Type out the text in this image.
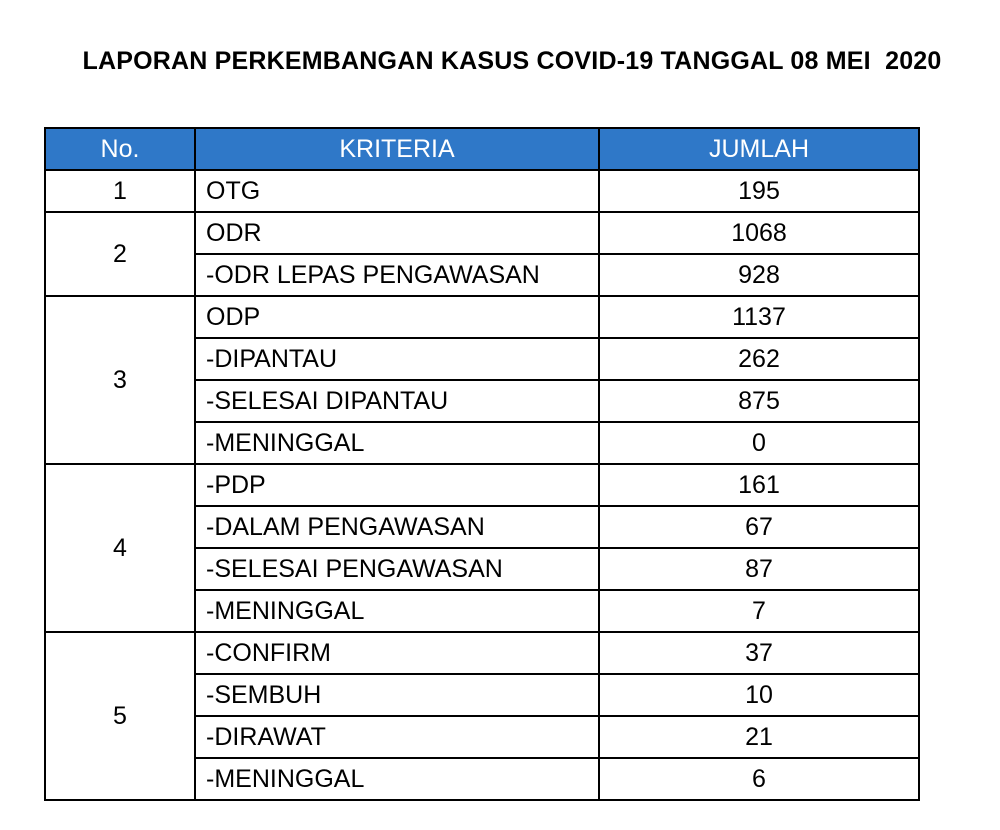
LAPORAN PERKEMBANGAN KASUS COVID-19 TANGGAL 08 MEI  2020
No.	KRITERIA	JUMLAH
1	OTG	195
2	ODR	1068
	-ODR LEPAS PENGAWASAN	928
3	ODP	1137
	-DIPANTAU	262
	-SELESAI DIPANTAU	875
	-MENINGGAL	0
4	-PDP	161
	-DALAM PENGAWASAN	67
	-SELESAI PENGAWASAN	87
	-MENINGGAL	7
5	-CONFIRM	37
	-SEMBUH	10
	-DIRAWAT	21
	-MENINGGAL	6
